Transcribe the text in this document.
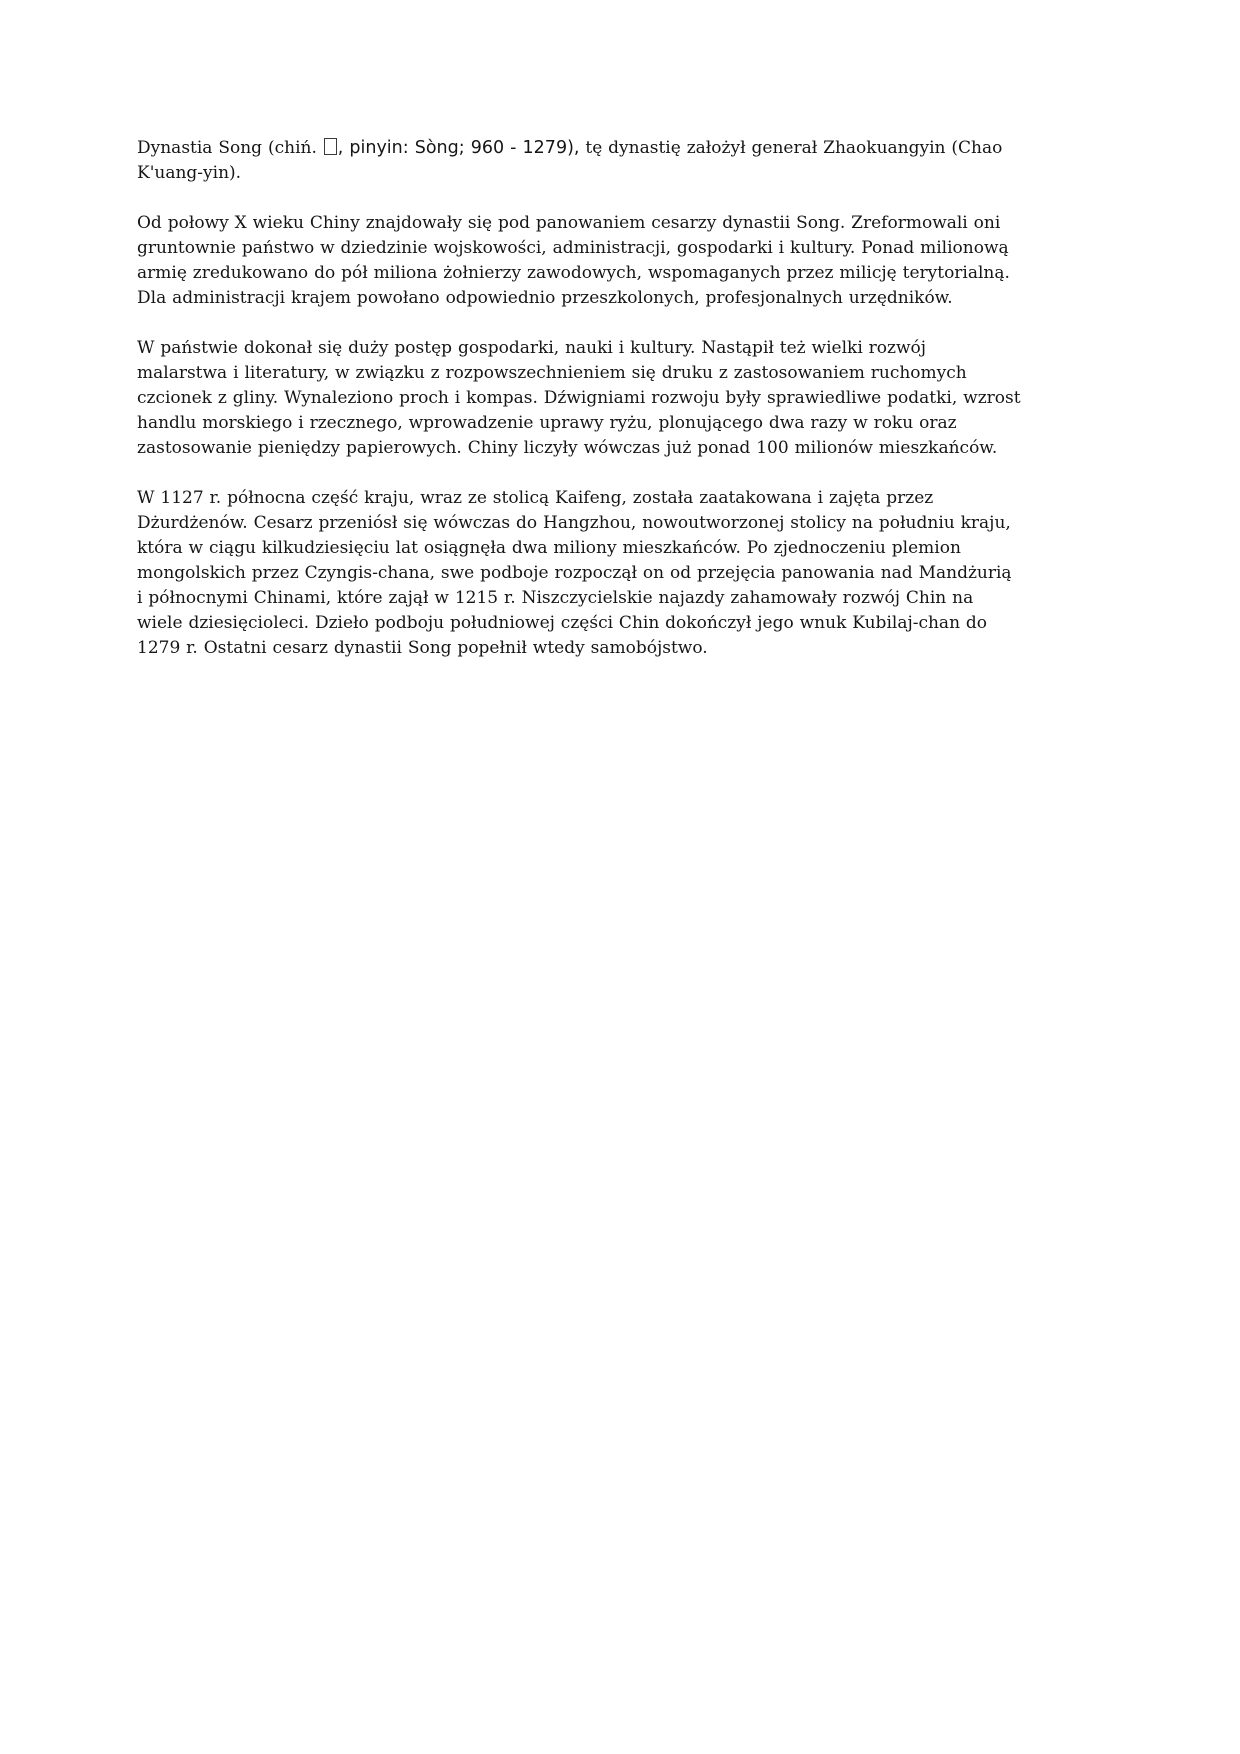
Dynastia Song (chiń. , pinyin: Sòng; 960 - 1279), tę dynastię założył generał Zhaokuangyin (Chao K'uang-yin).

Od połowy X wieku Chiny znajdowały się pod panowaniem cesarzy dynastii Song. Zreformowali oni gruntownie państwo w dziedzinie wojskowości, administracji, gospodarki i kultury. Ponad milionową armię zredukowano do pół miliona żołnierzy zawodowych, wspomaganych przez milicję terytorialną. Dla administracji krajem powołano odpowiednio przeszkolonych, profesjonalnych urzędników.

W państwie dokonał się duży postęp gospodarki, nauki i kultury. Nastąpił też wielki rozwój malarstwa i literatury, w związku z rozpowszechnieniem się druku z zastosowaniem ruchomych czcionek z gliny. Wynaleziono proch i kompas. Dźwigniami rozwoju były sprawiedliwe podatki, wzrost handlu morskiego i rzecznego, wprowadzenie uprawy ryżu, plonującego dwa razy w roku oraz zastosowanie pieniędzy papierowych. Chiny liczyły wówczas już ponad 100 milionów mieszkańców.

W 1127 r. północna część kraju, wraz ze stolicą Kaifeng, została zaatakowana i zajęta przez Dżurdżenów. Cesarz przeniósł się wówczas do Hangzhou, nowoutworzonej stolicy na południu kraju, która w ciągu kilkudziesięciu lat osiągnęła dwa miliony mieszkańców. Po zjednoczeniu plemion mongolskich przez Czyngis-chana, swe podboje rozpoczął on od przejęcia panowania nad Mandżurią i północnymi Chinami, które zajął w 1215 r. Niszczycielskie najazdy zahamowały rozwój Chin na wiele dziesięcioleci. Dzieło podboju południowej części Chin dokończył jego wnuk Kubilaj-chan do 1279 r. Ostatni cesarz dynastii Song popełnił wtedy samobójstwo.
